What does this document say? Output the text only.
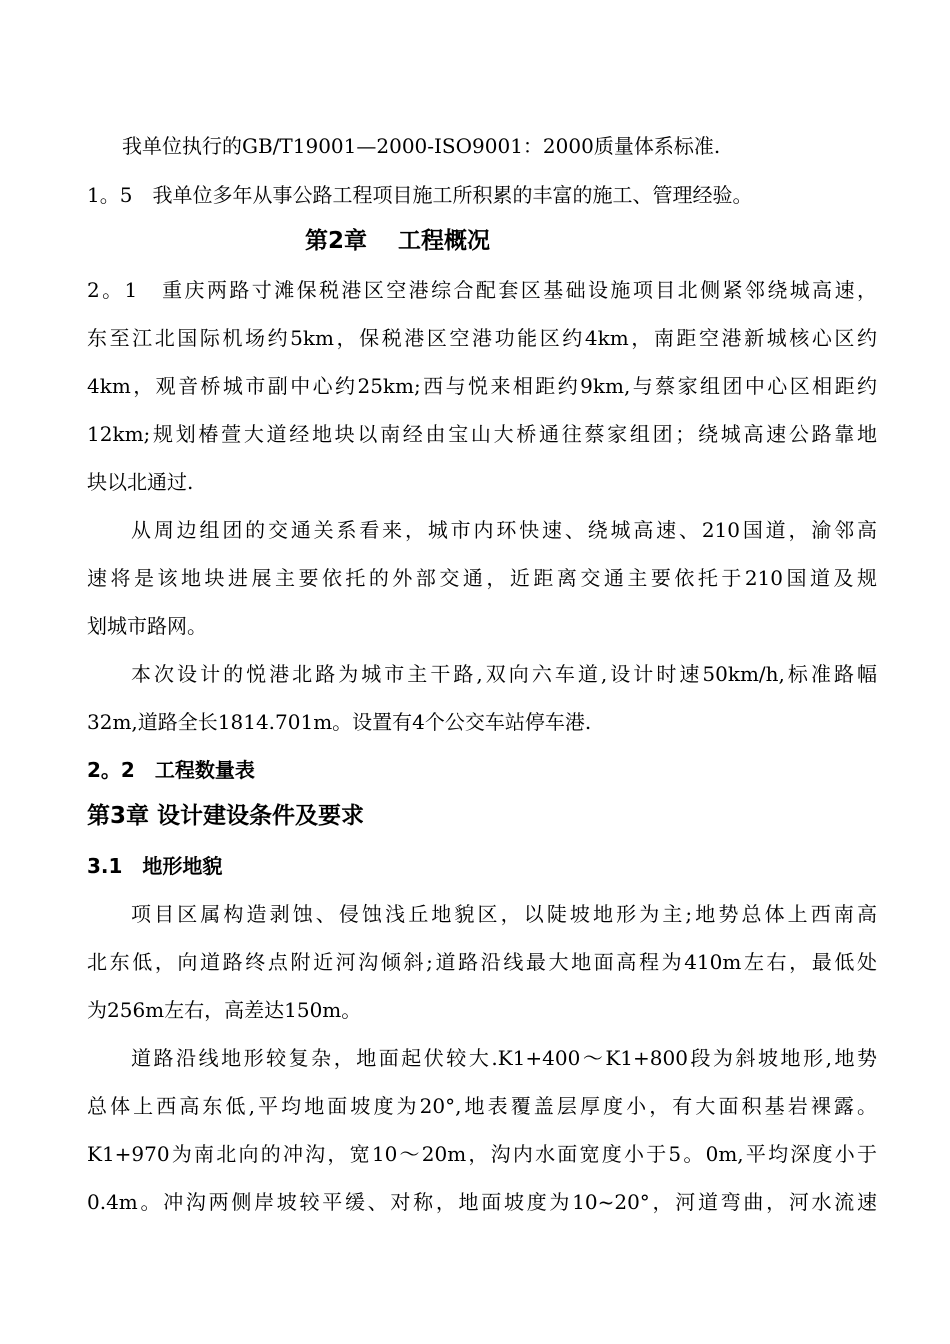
我单位执行的GB/T19001—2000-ISO9001：2000质量体系标准.
1。5　我单位多年从事公路工程项目施工所积累的丰富的施工、管理经验。
第2章　 工程概况
2。1　重庆两路寸滩保税港区空港综合配套区基础设施项目北侧紧邻绕城高速，
东至江北国际机场约5km，保税港区空港功能区约4km，南距空港新城核心区约
4km，观音桥城市副中心约25km;西与悦来相距约9km,与蔡家组团中心区相距约
12km;规划椿萱大道经地块以南经由宝山大桥通往蔡家组团；绕城高速公路靠地
块以北通过.
从周边组团的交通关系看来，城市内环快速、绕城高速、210国道，渝邻高
速将是该地块进展主要依托的外部交通，近距离交通主要依托于210国道及规
划城市路网。
本次设计的悦港北路为城市主干路,双向六车道,设计时速50km/h,标准路幅
32m,道路全长1814.701m。设置有4个公交车站停车港.
2。2　工程数量表
第3章 设计建设条件及要求
3.1　地形地貌
项目区属构造剥蚀、侵蚀浅丘地貌区，以陡坡地形为主;地势总体上西南高
北东低，向道路终点附近河沟倾斜;道路沿线最大地面高程为410m左右，最低处
为256m左右，高差达150m。
道路沿线地形较复杂，地面起伏较大.K1+400～K1+800段为斜坡地形,地势
总体上西高东低,平均地面坡度为20°,地表覆盖层厚度小，有大面积基岩裸露。
K1+970为南北向的冲沟，宽10～20m，沟内水面宽度小于5。0m,平均深度小于
0.4m。冲沟两侧岸坡较平缓、对称，地面坡度为10~20°，河道弯曲，河水流速
